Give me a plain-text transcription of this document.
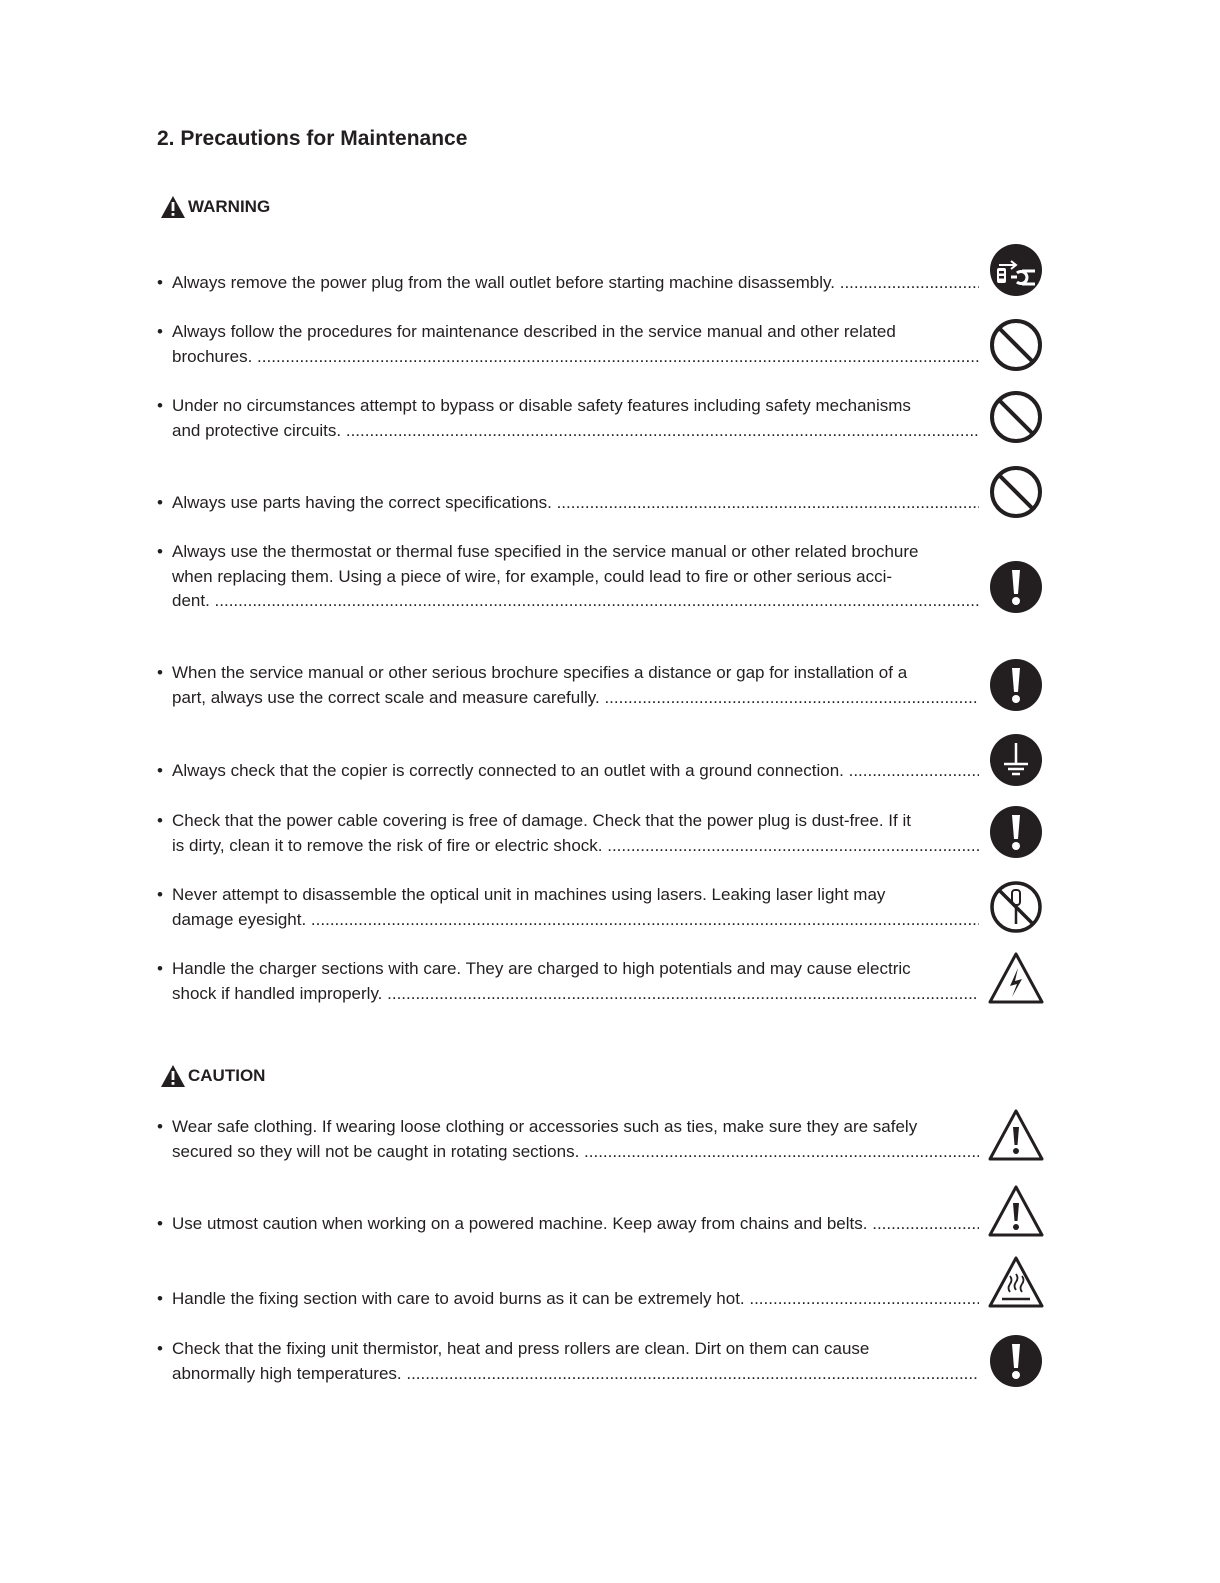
2. Precautions for Maintenance
WARNING
CAUTION
• Always remove the power plug from the wall outlet before starting machine disassembly. .....
• Always follow the procedures for maintenance described in the service manual and other related
brochures. .....
• Under no circumstances attempt to bypass or disable safety features including safety mechanisms
and protective circuits. .....
• Always use parts having the correct specifications. .....
• Always use the thermostat or thermal fuse specified in the service manual or other related brochure
when replacing them. Using a piece of wire, for example, could lead to fire or other serious acci-
dent. .....
• When the service manual or other serious brochure specifies a distance or gap for installation of a
part, always use the correct scale and measure carefully. .....
• Always check that the copier is correctly connected to an outlet with a ground connection. .....
• Check that the power cable covering is free of damage. Check that the power plug is dust-free. If it
is dirty, clean it to remove the risk of fire or electric shock. .....
• Never attempt to disassemble the optical unit in machines using lasers. Leaking laser light may
damage eyesight. .....
• Handle the charger sections with care. They are charged to high potentials and may cause electric
shock if handled improperly. .....
• Wear safe clothing. If wearing loose clothing or accessories such as ties, make sure they are safely
secured so they will not be caught in rotating sections. .....
• Use utmost caution when working on a powered machine. Keep away from chains and belts. .....
• Handle the fixing section with care to avoid burns as it can be extremely hot. .....
• Check that the fixing unit thermistor, heat and press rollers are clean. Dirt on them can cause
abnormally high temperatures. .....
